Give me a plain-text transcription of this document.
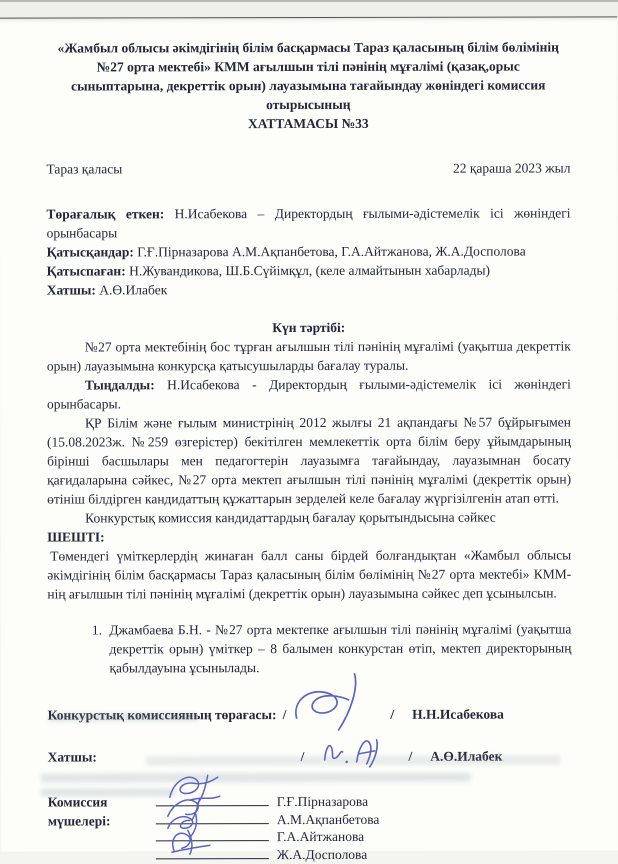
«Жамбыл облысы әкімдігінің білім басқармасы Тараз қаласының білім бөлімінің №27 орта мектебі» КММ ағылшын тілі пәнінің мұғалімі (қазақ,орыс сыныптарына, декреттік орын) лауазымына тағайындау жөніндегі комиссия отырысының
ХАТТАМАСЫ №33
Тараз қаласы	22 қараша 2023 жыл
Төрағалық еткен: Н.Исабекова – Директордың ғылыми-әдістемелік ісі жөніндегі орынбасары
Қатысқандар: Г.Ғ.Пірназарова А.М.Ақпанбетова, Г.А.Айтжанова, Ж.А.Досполова
Қатыспаған: Н.Жувандикова, Ш.Б.Сүйімқұл, (келе алмайтынын хабарлады)
Хатшы: А.Ө.Илабек
Күн тәртібі:

№27 орта мектебінің бос тұрған ағылшын тілі пәнінің мұғалімі (уақытша декреттік орын) лауазымына конкурсқа қатысушыларды бағалау туралы.

Тыңдалды: Н.Исабекова - Директордың ғылыми-әдістемелік ісі жөніндегі орынбасары.

ҚР Білім және ғылым министрінің 2012 жылғы 21 ақпандағы №57 бұйрығымен (15.08.2023ж. №259 өзгерістер) бекітілген мемлекеттік орта білім беру ұйымдарының бірінші басшылары мен педагогтерін лауазымға тағайындау, лауазымнан босату қағидаларына сәйкес, №27 орта мектеп ағылшын тілі пәнінің мұғалімі (декреттік орын) өтініш білдірген кандидаттың құжаттарын зерделей келе бағалау жүргізілгенін атап өтті.

Конкурстық комиссия кандидаттардың бағалау қорытындысына сәйкес

ШЕШТІ:

Төмендегі үміткерлердің жинаған балл саны бірдей болғандықтан «Жамбыл облысы әкімдігінің білім басқармасы Тараз қаласының білім бөлімінің №27 орта мектебі» КММ-нің ағылшын тілі пәнінің мұғалімі (декреттік орын) лауазымына сәйкес деп ұсынылсын.

1. Джамбаева Б.Н. - №27 орта мектепке ағылшын тілі пәнінің мұғалімі (уақытша декреттік орын) үміткер – 8 балымен конкурстан өтіп, мектеп директорының қабылдауына ұсынылады.
Конкурстық комиссияның төрағасы: /	/	Н.Н.Исабекова
Хатшы:	/	/	А.Ө.Илабек
Комиссия мүшелері:
Г.Ғ.Пірназарова
А.М.Ақпанбетова
Г.А.Айтжанова
Ж.А.Досполова
